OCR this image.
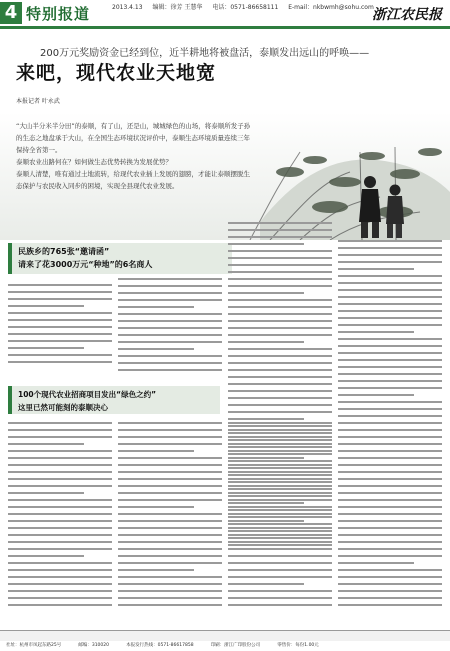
4 特别报道	2013.4.13 编辑：徐芳 王慧华 电话：0571-86658111 E-mail：nkbwmh@sohu.com
浙江农民报
200万元奖励资金已经到位，近半耕地将被盘活，泰顺发出远山的呼唤——
来吧，现代农业天地宽
本报记者 叶永武

“大山半分米半分田”的泰顺，有了山，还是山，城城绿色的山场，将泰顺所发子孙的生态之地盘承于大山，在全国生态环境状况评价中，泰顺生态环境质量连续三年保持全省第一。

泰顺农业出路何在？如何做生态优势转换为发展优势？

泰顺人清楚，唯有通过土地流转，给现代农业插上发展的翅膀，才能让泰顺摆脱生态保护与农民收入同步的困境，实现全县现代农业发展。

民族乡的765张“邀请函”
请来了花3000万元“种地”的6名商人
100个现代农业招商项目发出“绿色之约”
这里已然可能刻的泰顺决心
社址：杭州市凤起东路25号	邮编：310020	本报发行热线：0571-86617858	印刷：浙江广印股份公司	零售价：每份1.00元
